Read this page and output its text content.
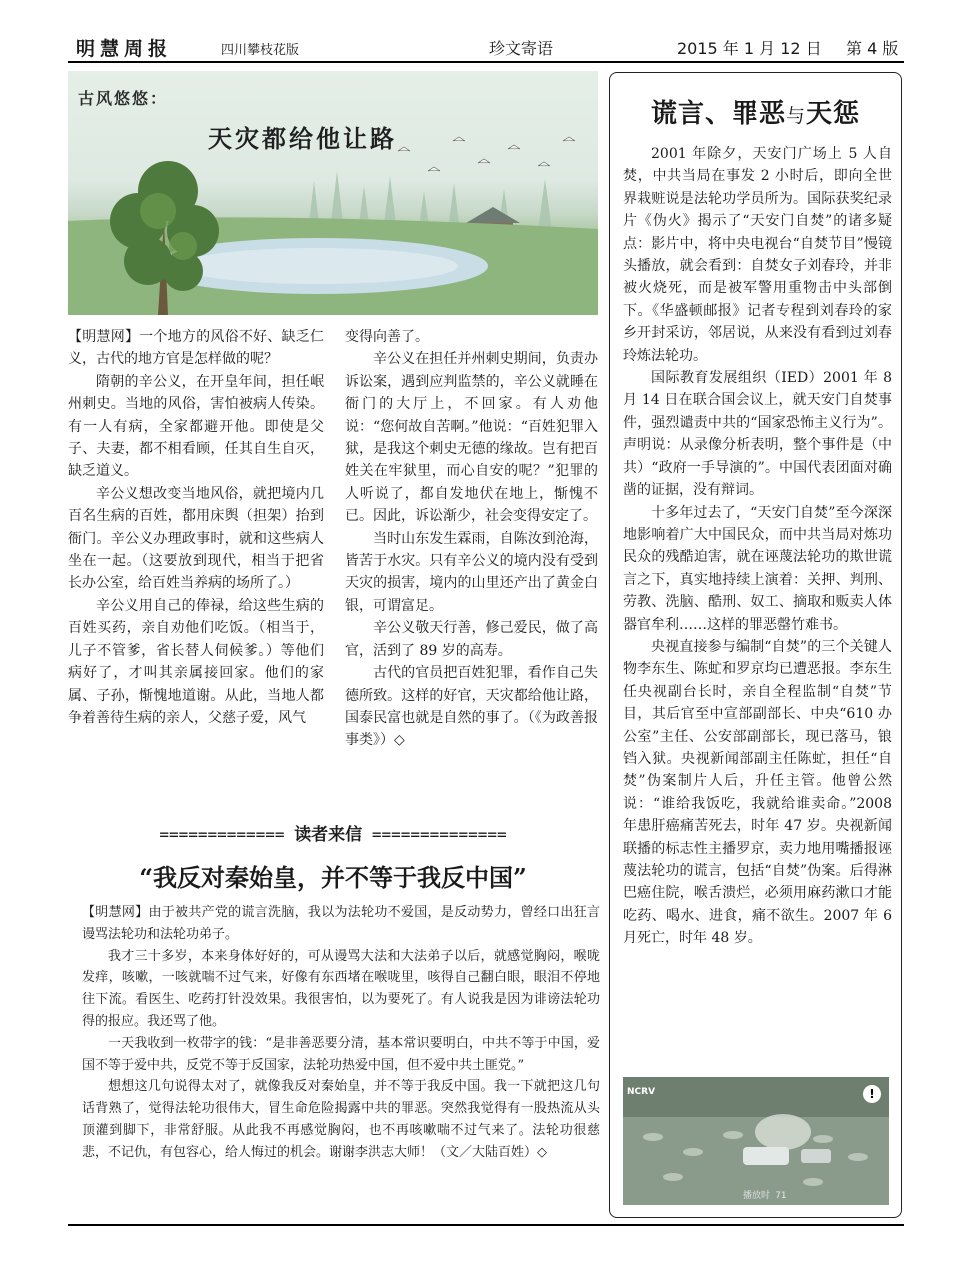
明慧周报	四川攀枝花版	珍文寄语	2015 年 1 月 12 日 第 4 版
古风悠悠：
天灾都给他让路

【明慧网】一个地方的风俗不好、缺乏仁义，古代的地方官是怎样做的呢？

隋朝的辛公义，在开皇年间，担任岷州刺史。当地的风俗，害怕被病人传染。有一人有病，全家都避开他。即使是父子、夫妻，都不相看顾，任其自生自灭，缺乏道义。

辛公义想改变当地风俗，就把境内几百名生病的百姓，都用床舆（担架）抬到衙门。辛公义办理政事时，就和这些病人坐在一起。（这要放到现代，相当于把省长办公室，给百姓当养病的场所了。）

辛公义用自己的俸禄，给这些生病的百姓买药，亲自劝他们吃饭。（相当于，儿子不管爹，省长替人伺候爹。）等他们病好了，才叫其亲属接回家。他们的家属、子孙，惭愧地道谢。从此，当地人都争着善待生病的亲人，父慈子爱，风气

变得向善了。

辛公义在担任并州刺史期间，负责办诉讼案，遇到应判监禁的，辛公义就睡在衙门的大厅上，不回家。有人劝他说：“您何故自苦啊。”他说：“百姓犯罪入狱，是我这个刺史无德的缘故。岂有把百姓关在牢狱里，而心自安的呢？”犯罪的人听说了，都自发地伏在地上，惭愧不已。因此，诉讼渐少，社会变得安定了。

当时山东发生霖雨，自陈汝到沧海，皆苦于水灾。只有辛公义的境内没有受到天灾的损害，境内的山里还产出了黄金白银，可谓富足。

辛公义敬天行善，修己爱民，做了高官，活到了 89 岁的高寿。

古代的官员把百姓犯罪，看作自己失德所致。这样的好官，天灾都给他让路，国泰民富也就是自然的事了。（《为政善报事类》）◇

============= 读者来信 ==============
“我反对秦始皇，并不等于我反中国”

【明慧网】由于被共产党的谎言洗脑，我以为法轮功不爱国，是反动势力，曾经口出狂言谩骂法轮功和法轮功弟子。

我才三十多岁，本来身体好好的，可从谩骂大法和大法弟子以后，就感觉胸闷，喉咙发痒，咳嗽，一咳就喘不过气来，好像有东西堵在喉咙里，咳得自己翻白眼，眼泪不停地往下流。看医生、吃药打针没效果。我很害怕，以为要死了。有人说我是因为诽谤法轮功得的报应。我还骂了他。

一天我收到一枚带字的钱：“是非善恶要分清，基本常识要明白，中共不等于中国，爱国不等于爱中共，反党不等于反国家，法轮功热爱中国，但不爱中共土匪党。”

想想这几句说得太对了，就像我反对秦始皇，并不等于我反中国。我一下就把这几句话背熟了，觉得法轮功很伟大，冒生命危险揭露中共的罪恶。突然我觉得有一股热流从头顶灌到脚下，非常舒服。从此我不再感觉胸闷，也不再咳嗽喘不过气来了。法轮功很慈悲，不记仇，有包容心，给人悔过的机会。谢谢李洪志大师！（文／大陆百姓）◇

谎言、罪恶与天惩

2001 年除夕，天安门广场上 5 人自焚，中共当局在事发 2 小时后，即向全世界栽赃说是法轮功学员所为。国际获奖纪录片《伪火》揭示了“天安门自焚”的诸多疑点：影片中，将中央电视台“自焚节目”慢镜头播放，就会看到：自焚女子刘春玲，并非被火烧死，而是被军警用重物击中头部倒下。《华盛顿邮报》记者专程到刘春玲的家乡开封采访，邻居说，从来没有看到过刘春玲炼法轮功。

国际教育发展组织（IED）2001 年 8 月 14 日在联合国会议上，就天安门自焚事件，强烈谴责中共的“国家恐怖主义行为”。声明说：从录像分析表明，整个事件是（中共）“政府一手导演的”。中国代表团面对确凿的证据，没有辩词。

十多年过去了，“天安门自焚”至今深深地影响着广大中国民众，而中共当局对炼功民众的残酷迫害，就在诬蔑法轮功的欺世谎言之下，真实地持续上演着：关押、判刑、劳教、洗脑、酷刑、奴工、摘取和贩卖人体器官牟利……这样的罪恶罄竹难书。

央视直接参与编制“自焚”的三个关键人物李东生、陈虻和罗京均已遭恶报。李东生任央视副台长时，亲自全程监制“自焚”节目，其后官至中宣部副部长、中央“610 办公室”主任、公安部副部长，现已落马，锒铛入狱。央视新闻部副主任陈虻，担任“自焚”伪案制片人后，升任主管。他曾公然说：“谁给我饭吃，我就给谁卖命。”2008 年患肝癌痛苦死去，时年 47 岁。央视新闻联播的标志性主播罗京，卖力地用嘴播报诬蔑法轮功的谎言，包括“自焚”伪案。后得淋巴癌住院，喉舌溃烂，必须用麻药漱口才能吃药、喝水、进食，痛不欲生。2007 年 6 月死亡，时年 48 岁。

NCRV	!
播放时 71
